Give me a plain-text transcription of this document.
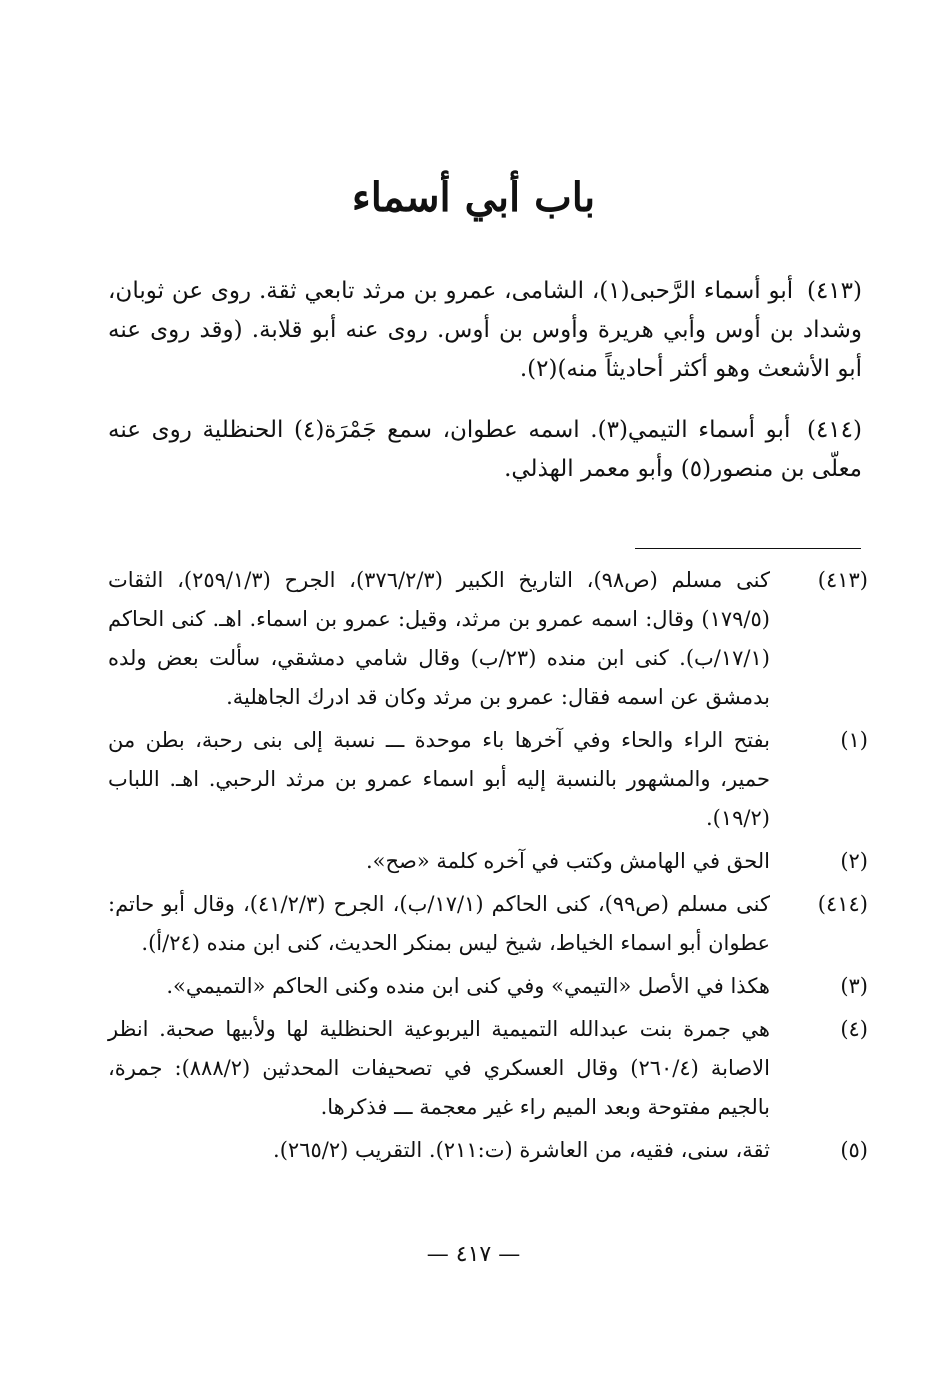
باب أبي أسماء

(٤١٣) أبو أسماء الرَّحبى(١)، الشامى، عمرو بن مرثد تابعي ثقة. روى عن ثوبان، وشداد بن أوس وأبي هريرة وأوس بن أوس. روى عنه أبو قلابة. (وقد روى عنه أبو الأشعث وهو أكثر أحاديثاً منه)(٢).

(٤١٤) أبو أسماء التيمي(٣). اسمه عطوان، سمع جَمْرَة(٤) الحنظلية روى عنه معلّى بن منصور(٥) وأبو معمر الهذلي.

(٤١٣)
كنى مسلم (ص٩٨)، التاريخ الكبير (٣٧٦/٢/٣)، الجرح (٢٥٩/١/٣)، الثقات (١٧٩/٥) وقال: اسمه عمرو بن مرثد، وقيل: عمرو بن اسماء. اهـ. كنى الحاكم (١٧/١/ب). كنى ابن منده (٢٣/ب) وقال شامي دمشقي، سألت بعض ولده بدمشق عن اسمه فقال: عمرو بن مرثد وكان قد ادرك الجاهلية.
(١)
بفتح الراء والحاء وفي آخرها باء موحدة ـــ نسبة إلى بنى رحبة، بطن من حمير، والمشهور بالنسبة إليه أبو اسماء عمرو بن مرثد الرحبي. اهـ. اللباب (١٩/٢).
(٢)
الحق في الهامش وكتب في آخره كلمة «صح».
(٤١٤)
كنى مسلم (ص٩٩)، كنى الحاكم (١٧/١/ب)، الجرح (٤١/٢/٣)، وقال أبو حاتم: عطوان أبو اسماء الخياط، شيخ ليس بمنكر الحديث، كنى ابن منده (٢٤/أ).
(٣)
هكذا في الأصل «التيمي» وفي كنى ابن منده وكنى الحاكم «التميمي».
(٤)
هي جمرة بنت عبدالله التميمية اليربوعية الحنظلية لها ولأبيها صحبة. انظر الاصابة (٢٦٠/٤) وقال العسكري في تصحيفات المحدثين (٨٨٨/٢): جمرة، بالجيم مفتوحة وبعد الميم راء غير معجمة ـــ فذكرها.
(٥)
ثقة، سنى، فقيه، من العاشرة (ت:٢١١). التقريب (٢٦٥/٢).
— ٤١٧ —
